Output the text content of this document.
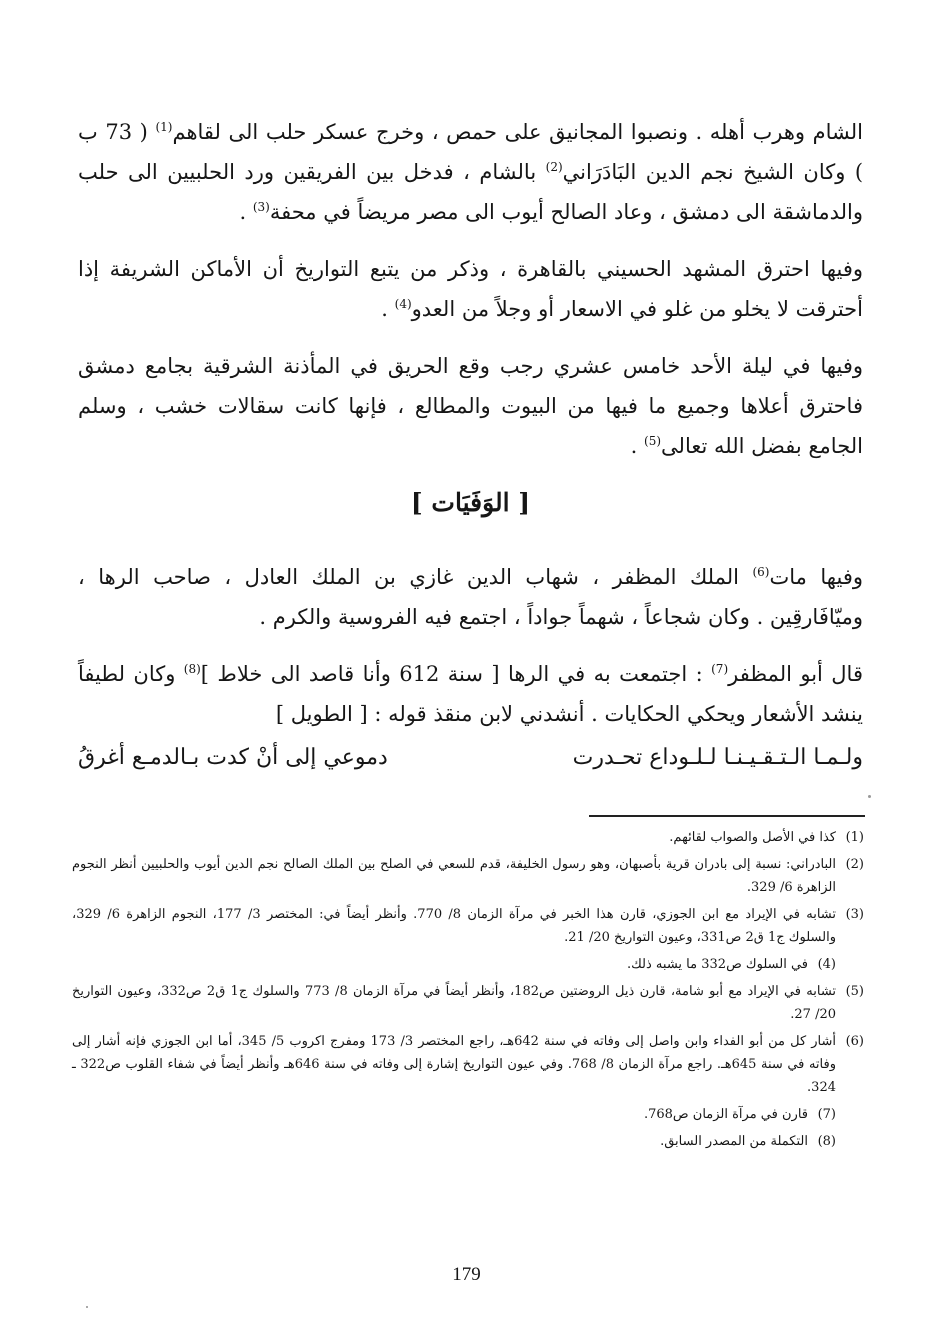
الشام وهرب أهله . ونصبوا المجانيق على حمص ، وخرج عسكر حلب الى لقاهم$^{(1)}$ ( 73 ب ) وكان الشيخ نجم الدين البَادَرَاني$^{(2)}$ بالشام ، فدخل بين الفريقين ورد الحلبيين الى حلب والدماشقة الى دمشق ، وعاد الصالح أيوب الى مصر مريضاً في محفة$^{(3)}$ .

وفيها احترق المشهد الحسيني بالقاهرة ، وذكر من يتبع التواريخ أن الأماكن الشريفة إذا أحترقت لا يخلو من غلو في الاسعار أو وجلاً من العدو$^{(4)}$ .

وفيها في ليلة الأحد خامس عشري رجب وقع الحريق في المأذنة الشرقية بجامع دمشق فاحترق أعلاها وجميع ما فيها من البيوت والمطالع ، فإنها كانت سقالات خشب ، وسلم الجامع بفضل الله تعالى$^{(5)}$ .

[ الوَفَيَات ]

وفيها مات$^{(6)}$ الملك المظفر ، شهاب الدين غازي بن الملك العادل ، صاحب الرها ، وميّافَارقِين . وكان شجاعاً ، شهماً جواداً ، اجتمع فيه الفروسية والكرم .

قال أبو المظفر$^{(7)}$ : اجتمعت به في الرها [ سنة 612 وأنا قاصد الى خلاط ]$^{(8)}$ وكان لطيفاً ينشد الأشعار ويحكي الحكايات . أنشدني لابن منقذ قوله : [ الطويل ]

ولـمـا الـتـقـيـنـا لـلـوداع تحـدرت
دموعي إلى أنْ كدت بـالدمـع أغرقُ
(1)
كذا في الأصل والصواب لقائهم.
(2)
البادراني: نسبة إلى بادران قرية بأصبهان، وهو رسول الخليفة، قدم للسعي في الصلح بين الملك الصالح نجم الدين أيوب والحلبيين أنظر النجوم الزاهرة 6/ 329.
(3)
تشابه في الإيراد مع ابن الجوزي، قارن هذا الخبر في مرآة الزمان 8/ 770. وأنظر أيضاً في: المختصر 3/ 177، النجوم الزاهرة 6/ 329، والسلوك ج1 ق2 ص331، وعيون التواريخ 20/ 21.
(4)
في السلوك ص332 ما يشبه ذلك.
(5)
تشابه في الإيراد مع أبو شامة، قارن ذيل الروضتين ص182، وأنظر أيضاً في مرآة الزمان 8/ 773 والسلوك ج1 ق2 ص332، وعيون التواريخ 20/ 27.
(6)
أشار كل من أبو الفداء وابن واصل إلى وفاته في سنة 642هـ، راجع المختصر 3/ 173 ومفرج اكروب 5/ 345، أما ابن الجوزي فإنه أشار إلى وفاته في سنة 645هـ. راجع مرآة الزمان 8/ 768. وفي عيون التواريخ إشارة إلى وفاته في سنة 646هـ وأنظر أيضاً في شفاء القلوب ص322 ـ 324.
(7)
قارن في مرآة الزمان ص768.
(8)
التكملة من المصدر السابق.
179
